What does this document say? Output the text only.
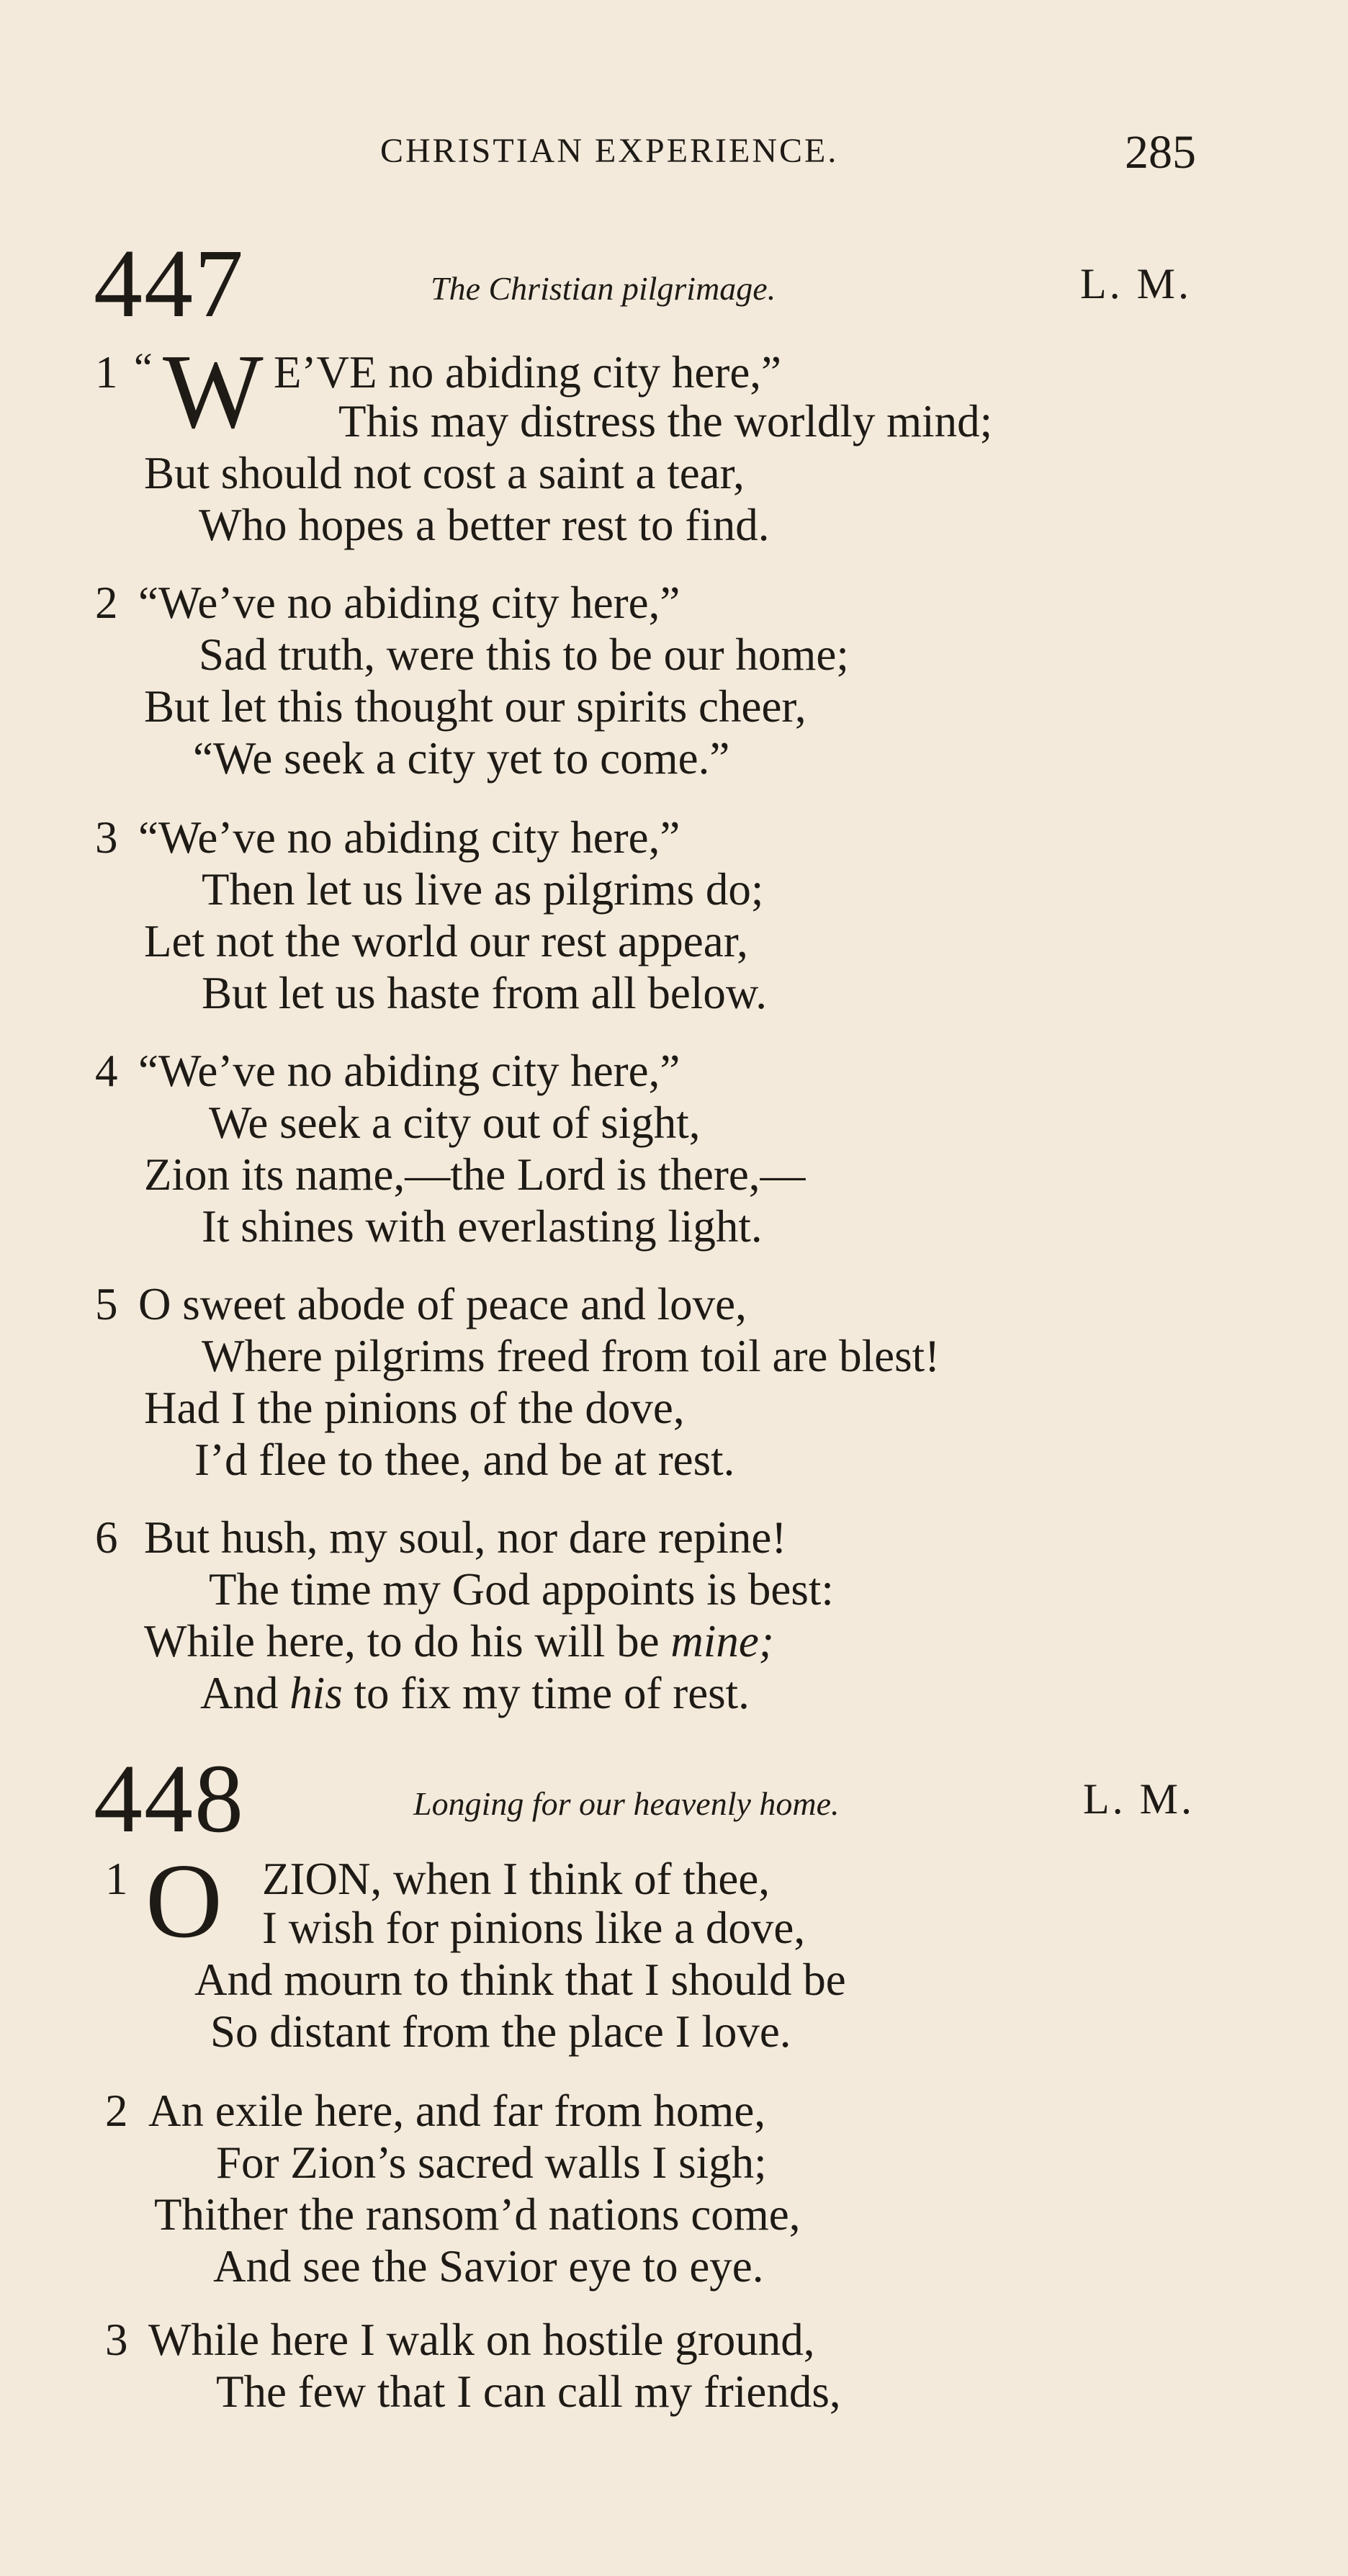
CHRISTIAN EXPERIENCE.	285
447	The Christian pilgrimage.	L. M.
1 “ W E’VE no abiding city here,”
This may distress the worldly mind;
But should not cost a saint a tear,
Who hopes a better rest to find.
2 “We’ve no abiding city here,”
Sad truth, were this to be our home;
But let this thought our spirits cheer,
“We seek a city yet to come.”
3 “We’ve no abiding city here,”
Then let us live as pilgrims do;
Let not the world our rest appear,
But let us haste from all below.
4 “We’ve no abiding city here,”
We seek a city out of sight,
Zion its name,—the Lord is there,—
It shines with everlasting light.
5 O sweet abode of peace and love,
Where pilgrims freed from toil are blest!
Had I the pinions of the dove,
I’d flee to thee, and be at rest.
6 But hush, my soul, nor dare repine!
The time my God appoints is best:
While here, to do his will be mine;
And his to fix my time of rest.
448	Longing for our heavenly home.	L. M.
1 O ZION, when I think of thee,
I wish for pinions like a dove,
And mourn to think that I should be
So distant from the place I love.
2 An exile here, and far from home,
For Zion’s sacred walls I sigh;
Thither the ransom’d nations come,
And see the Savior eye to eye.
3 While here I walk on hostile ground,
The few that I can call my friends,
